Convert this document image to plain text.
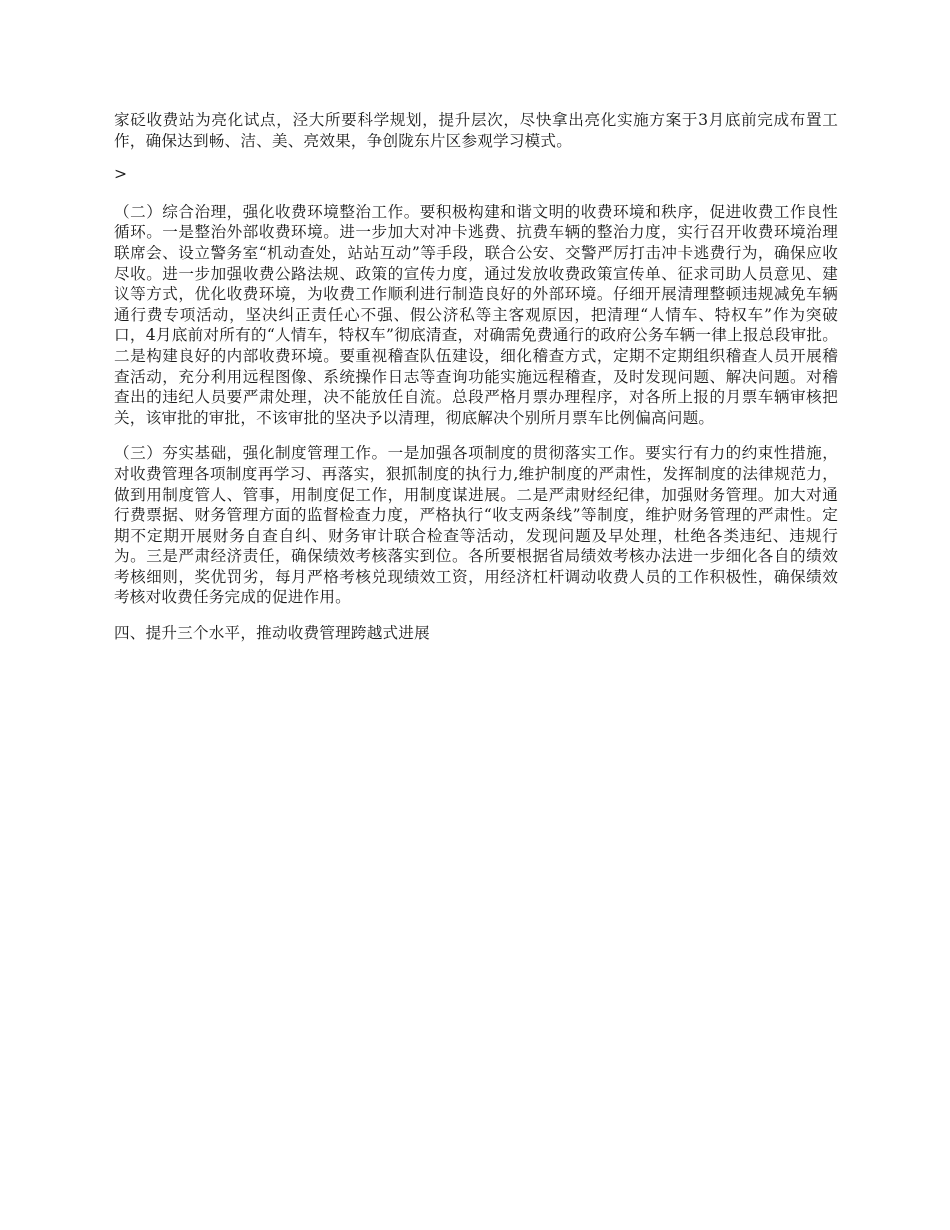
家砭收费站为亮化试点，泾大所要科学规划，提升层次，尽快拿出亮化实施方案于3月底前完成布置工作，确保达到畅、洁、美、亮效果，争创陇东片区参观学习模式。

>

（二）综合治理，强化收费环境整治工作。要积极构建和谐文明的收费环境和秩序，促进收费工作良性循环。一是整治外部收费环境。进一步加大对冲卡逃费、抗费车辆的整治力度，实行召开收费环境治理联席会、设立警务室“机动查处，站站互动”等手段，联合公安、交警严厉打击冲卡逃费行为，确保应收尽收。进一步加强收费公路法规、政策的宣传力度，通过发放收费政策宣传单、征求司助人员意见、建议等方式，优化收费环境，为收费工作顺利进行制造良好的外部环境。仔细开展清理整顿违规减免车辆通行费专项活动，坚决纠正责任心不强、假公济私等主客观原因，把清理“人情车、特权车”作为突破口，4月底前对所有的“人情车，特权车”彻底清查，对确需免费通行的政府公务车辆一律上报总段审批。二是构建良好的内部收费环境。要重视稽查队伍建设，细化稽查方式，定期不定期组织稽查人员开展稽查活动，充分利用远程图像、系统操作日志等查询功能实施远程稽查，及时发现问题、解决问题。对稽查出的违纪人员要严肃处理，决不能放任自流。总段严格月票办理程序，对各所上报的月票车辆审核把关，该审批的审批，不该审批的坚决予以清理，彻底解决个别所月票车比例偏高问题。

（三）夯实基础，强化制度管理工作。一是加强各项制度的贯彻落实工作。要实行有力的约束性措施，对收费管理各项制度再学习、再落实，狠抓制度的执行力,维护制度的严肃性，发挥制度的法律规范力，做到用制度管人、管事，用制度促工作，用制度谋进展。二是严肃财经纪律，加强财务管理。加大对通行费票据、财务管理方面的监督检查力度，严格执行“收支两条线”等制度，维护财务管理的严肃性。定期不定期开展财务自查自纠、财务审计联合检查等活动，发现问题及早处理，杜绝各类违纪、违规行为。三是严肃经济责任，确保绩效考核落实到位。各所要根据省局绩效考核办法进一步细化各自的绩效考核细则，奖优罚劣，每月严格考核兑现绩效工资，用经济杠杆调动收费人员的工作积极性，确保绩效考核对收费任务完成的促进作用。

四、提升三个水平，推动收费管理跨越式进展
